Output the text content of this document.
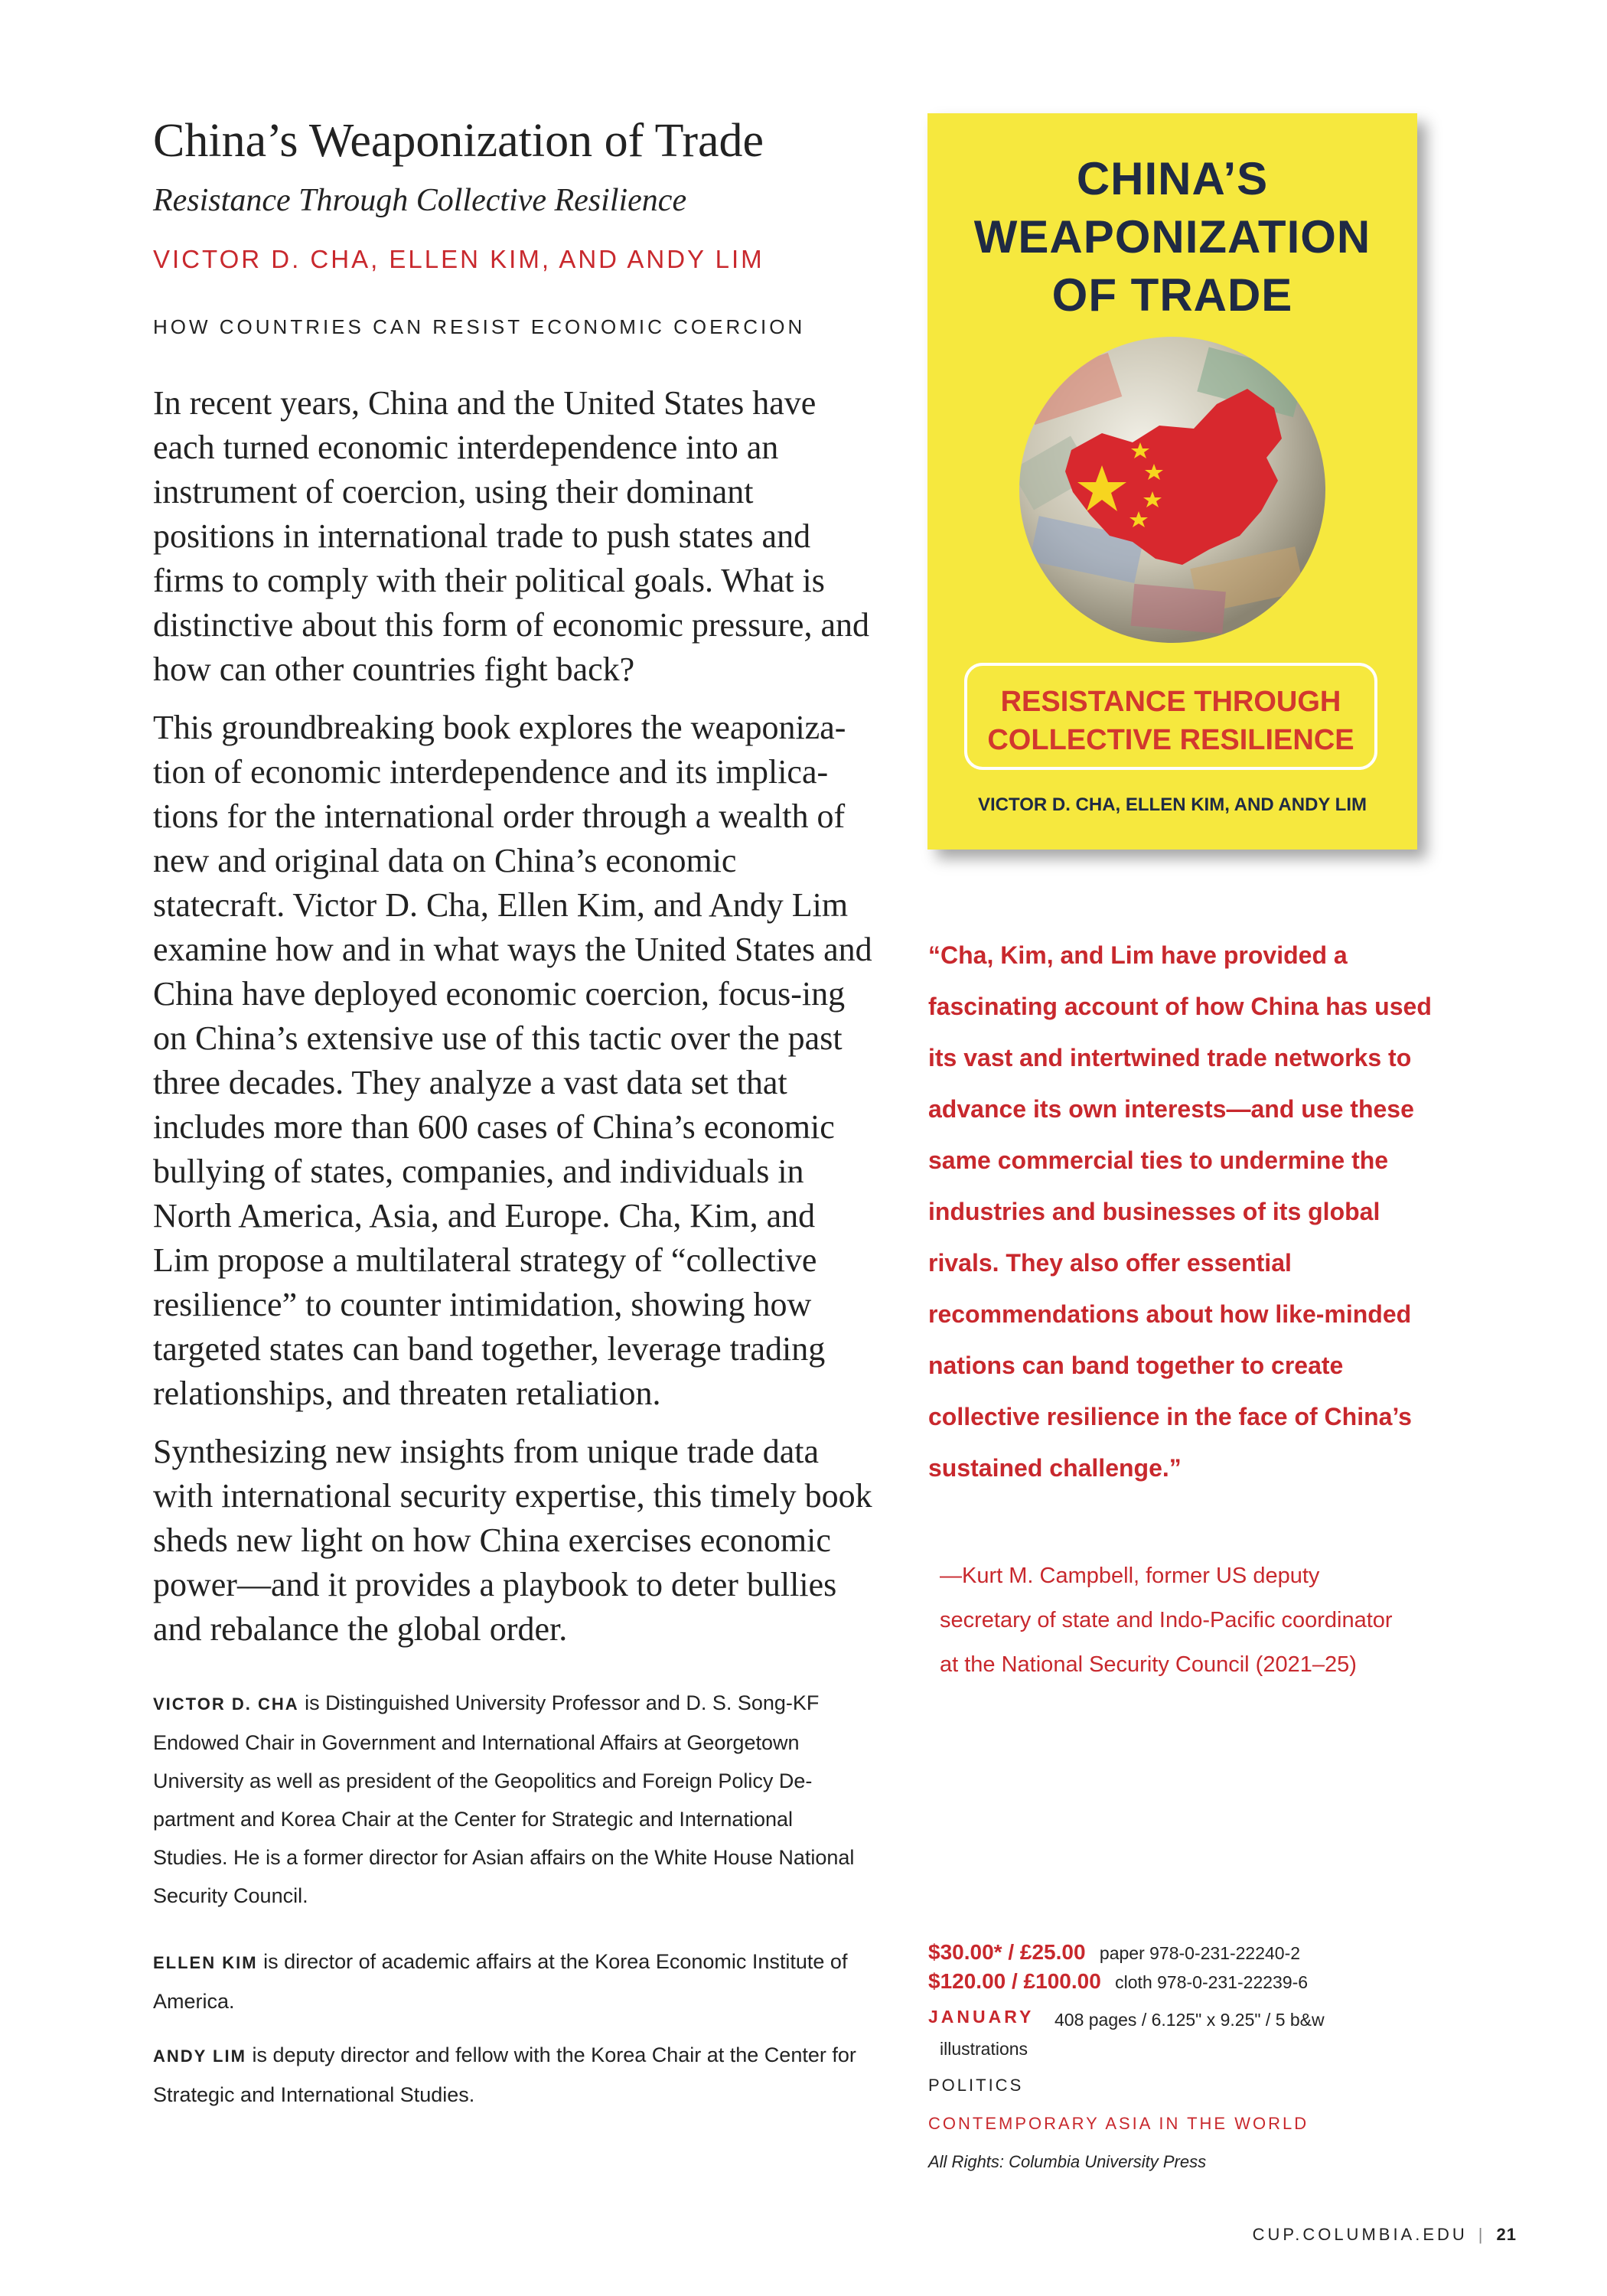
China’s Weaponization of Trade
Resistance Through Collective Resilience
VICTOR D. CHA, ELLEN KIM, AND ANDY LIM
HOW COUNTRIES CAN RESIST ECONOMIC COERCION

In recent years, China and the United States have each turned economic interdependence into an instrument of coercion, using their dominant positions in international trade to push states and firms to comply with their political goals. What is distinctive about this form of economic pressure, and how can other countries fight back?

This groundbreaking book explores the weaponiza-tion of economic interdependence and its implica-tions for the international order through a wealth of new and original data on China’s economic statecraft. Victor D. Cha, Ellen Kim, and Andy Lim examine how and in what ways the United States and China have deployed economic coercion, focus-ing on China’s extensive use of this tactic over the past three decades. They analyze a vast data set that includes more than 600 cases of China’s economic bullying of states, companies, and individuals in North America, Asia, and Europe. Cha, Kim, and Lim propose a multilateral strategy of “collective resilience” to counter intimidation, showing how targeted states can band together, leverage trading relationships, and threaten retaliation.

Synthesizing new insights from unique trade data with international security expertise, this timely book sheds new light on how China exercises economic power—and it provides a playbook to deter bullies and rebalance the global order.

VICTOR D. CHA is Distinguished University Professor and D. S. Song-KF Endowed Chair in Government and International Affairs at Georgetown University as well as president of the Geopolitics and Foreign Policy De-partment and Korea Chair at the Center for Strategic and International Studies. He is a former director for Asian affairs on the White House National Security Council.
ELLEN KIM is director of academic affairs at the Korea Economic Institute of America.
ANDY LIM is deputy director and fellow with the Korea Chair at the Center for Strategic and International Studies.
CHINA’S
WEAPONIZATION
OF TRADE
RESISTANCE THROUGH
COLLECTIVE RESILIENCE
VICTOR D. CHA, ELLEN KIM, AND ANDY LIM
“Cha, Kim, and Lim have provided a fascinating account of how China has used its vast and intertwined trade networks to advance its own interests—and use these same commercial ties to undermine the industries and businesses of its global rivals. They also offer essential recommendations about how like-minded nations can band together to create collective resilience in the face of China’s sustained challenge.”
—Kurt M. Campbell, former US deputy secretary of state and Indo-Pacific coordinator at the National Security Council (2021–25)
$30.00* / £25.00 paper 978-0-231-22240-2
$120.00 / £100.00 cloth 978-0-231-22239-6
JANUARY	408 pages / 6.125" x 9.25" / 5 b&w illustrations
POLITICS
CONTEMPORARY ASIA IN THE WORLD
All Rights: Columbia University Press
CUP.COLUMBIA.EDU | 21
